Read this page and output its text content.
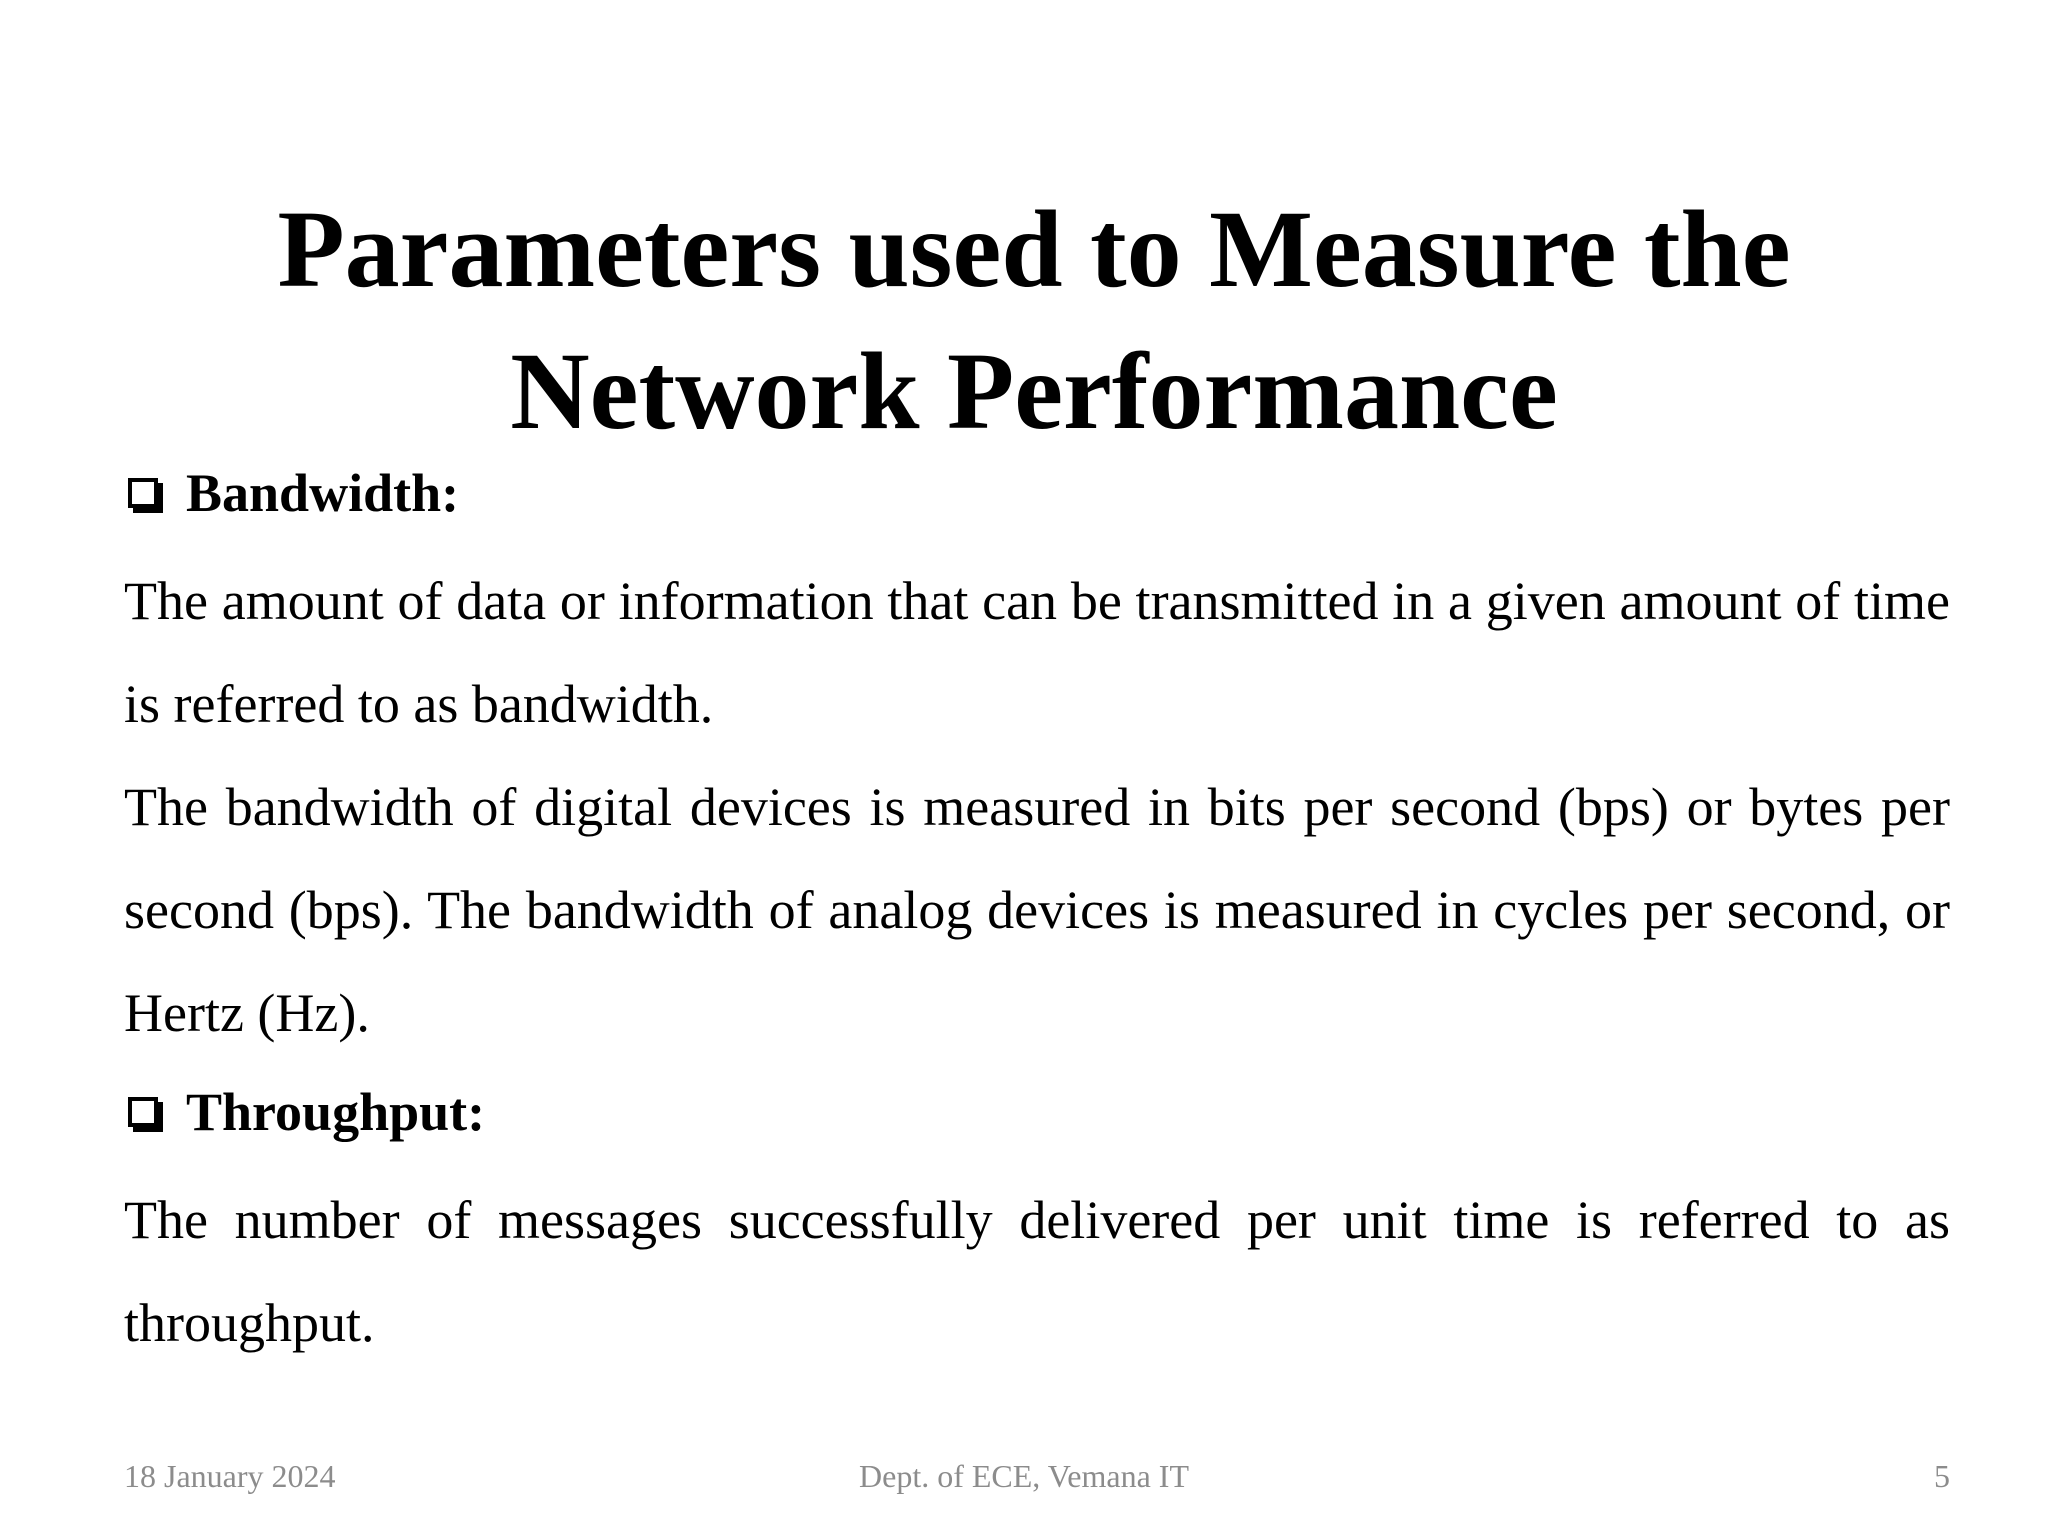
Parameters used to Measure the
Network Performance
Bandwidth:

The amount of data or information that can be transmitted in a given amount of time is referred to as bandwidth.

The bandwidth of digital devices is measured in bits per second (bps) or bytes per second (bps). The bandwidth of analog devices is measured in cycles per second, or Hertz (Hz).

Throughput:

The number of messages successfully delivered per unit time is referred to as throughput.

18 January 2024	Dept. of ECE, Vemana IT	5
